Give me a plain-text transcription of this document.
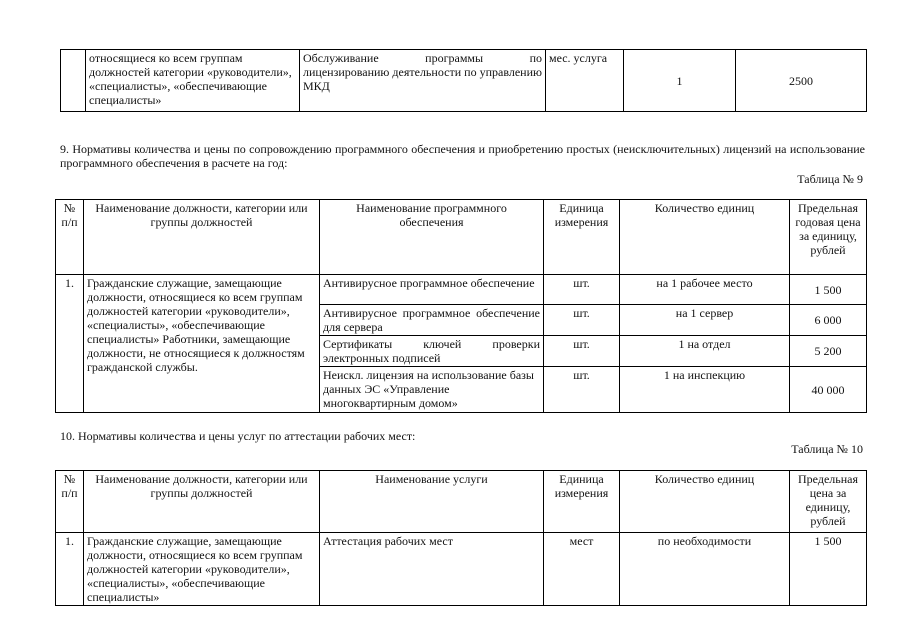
	относящиеся ко всем группам должностей категории «руководители», «специалисты», «обеспечивающие специалисты»	Обслуживание программы по лицензированию деятельности по управлению МКД	мес. услуга	1	2500
9. Нормативы количества и цены по сопровождению программного обеспечения и приобретению простых (неисключительных) лицензий на использование программного обеспечения в расчете на год:
Таблица № 9
№ п/п	Наименование должности, категории или группы должностей	Наименование программного обеспечения	Единица измерения	Количество единиц	Предельная годовая цена за единицу, рублей
1.	Гражданские служащие, замещающие должности, относящиеся ко всем группам должностей категории «руководители», «специалисты», «обеспечивающие специалисты» Работники, замещающие должности, не относящиеся к должностям гражданской службы.	Антивирусное программное обеспечение	шт.	на 1 рабочее место	1 500
		Антивирусное программное обеспечение для сервера	шт.	на 1 сервер	6 000
		Сертификаты ключей проверки электронных подписей	шт.	1 на отдел	5 200
		Неискл. лицензия на использование базы данных ЭС «Управление многоквартирным домом»	шт.	1 на инспекцию	40 000
10. Нормативы количества и цены услуг по аттестации рабочих мест:
Таблица № 10
№ п/п	Наименование должности, категории или группы должностей	Наименование услуги	Единица измерения	Количество единиц	Предельная цена за единицу, рублей
1.	Гражданские служащие, замещающие должности, относящиеся ко всем группам должностей категории «руководители», «специалисты», «обеспечивающие специалисты»	Аттестация рабочих мест	мест	по необходимости	1 500
